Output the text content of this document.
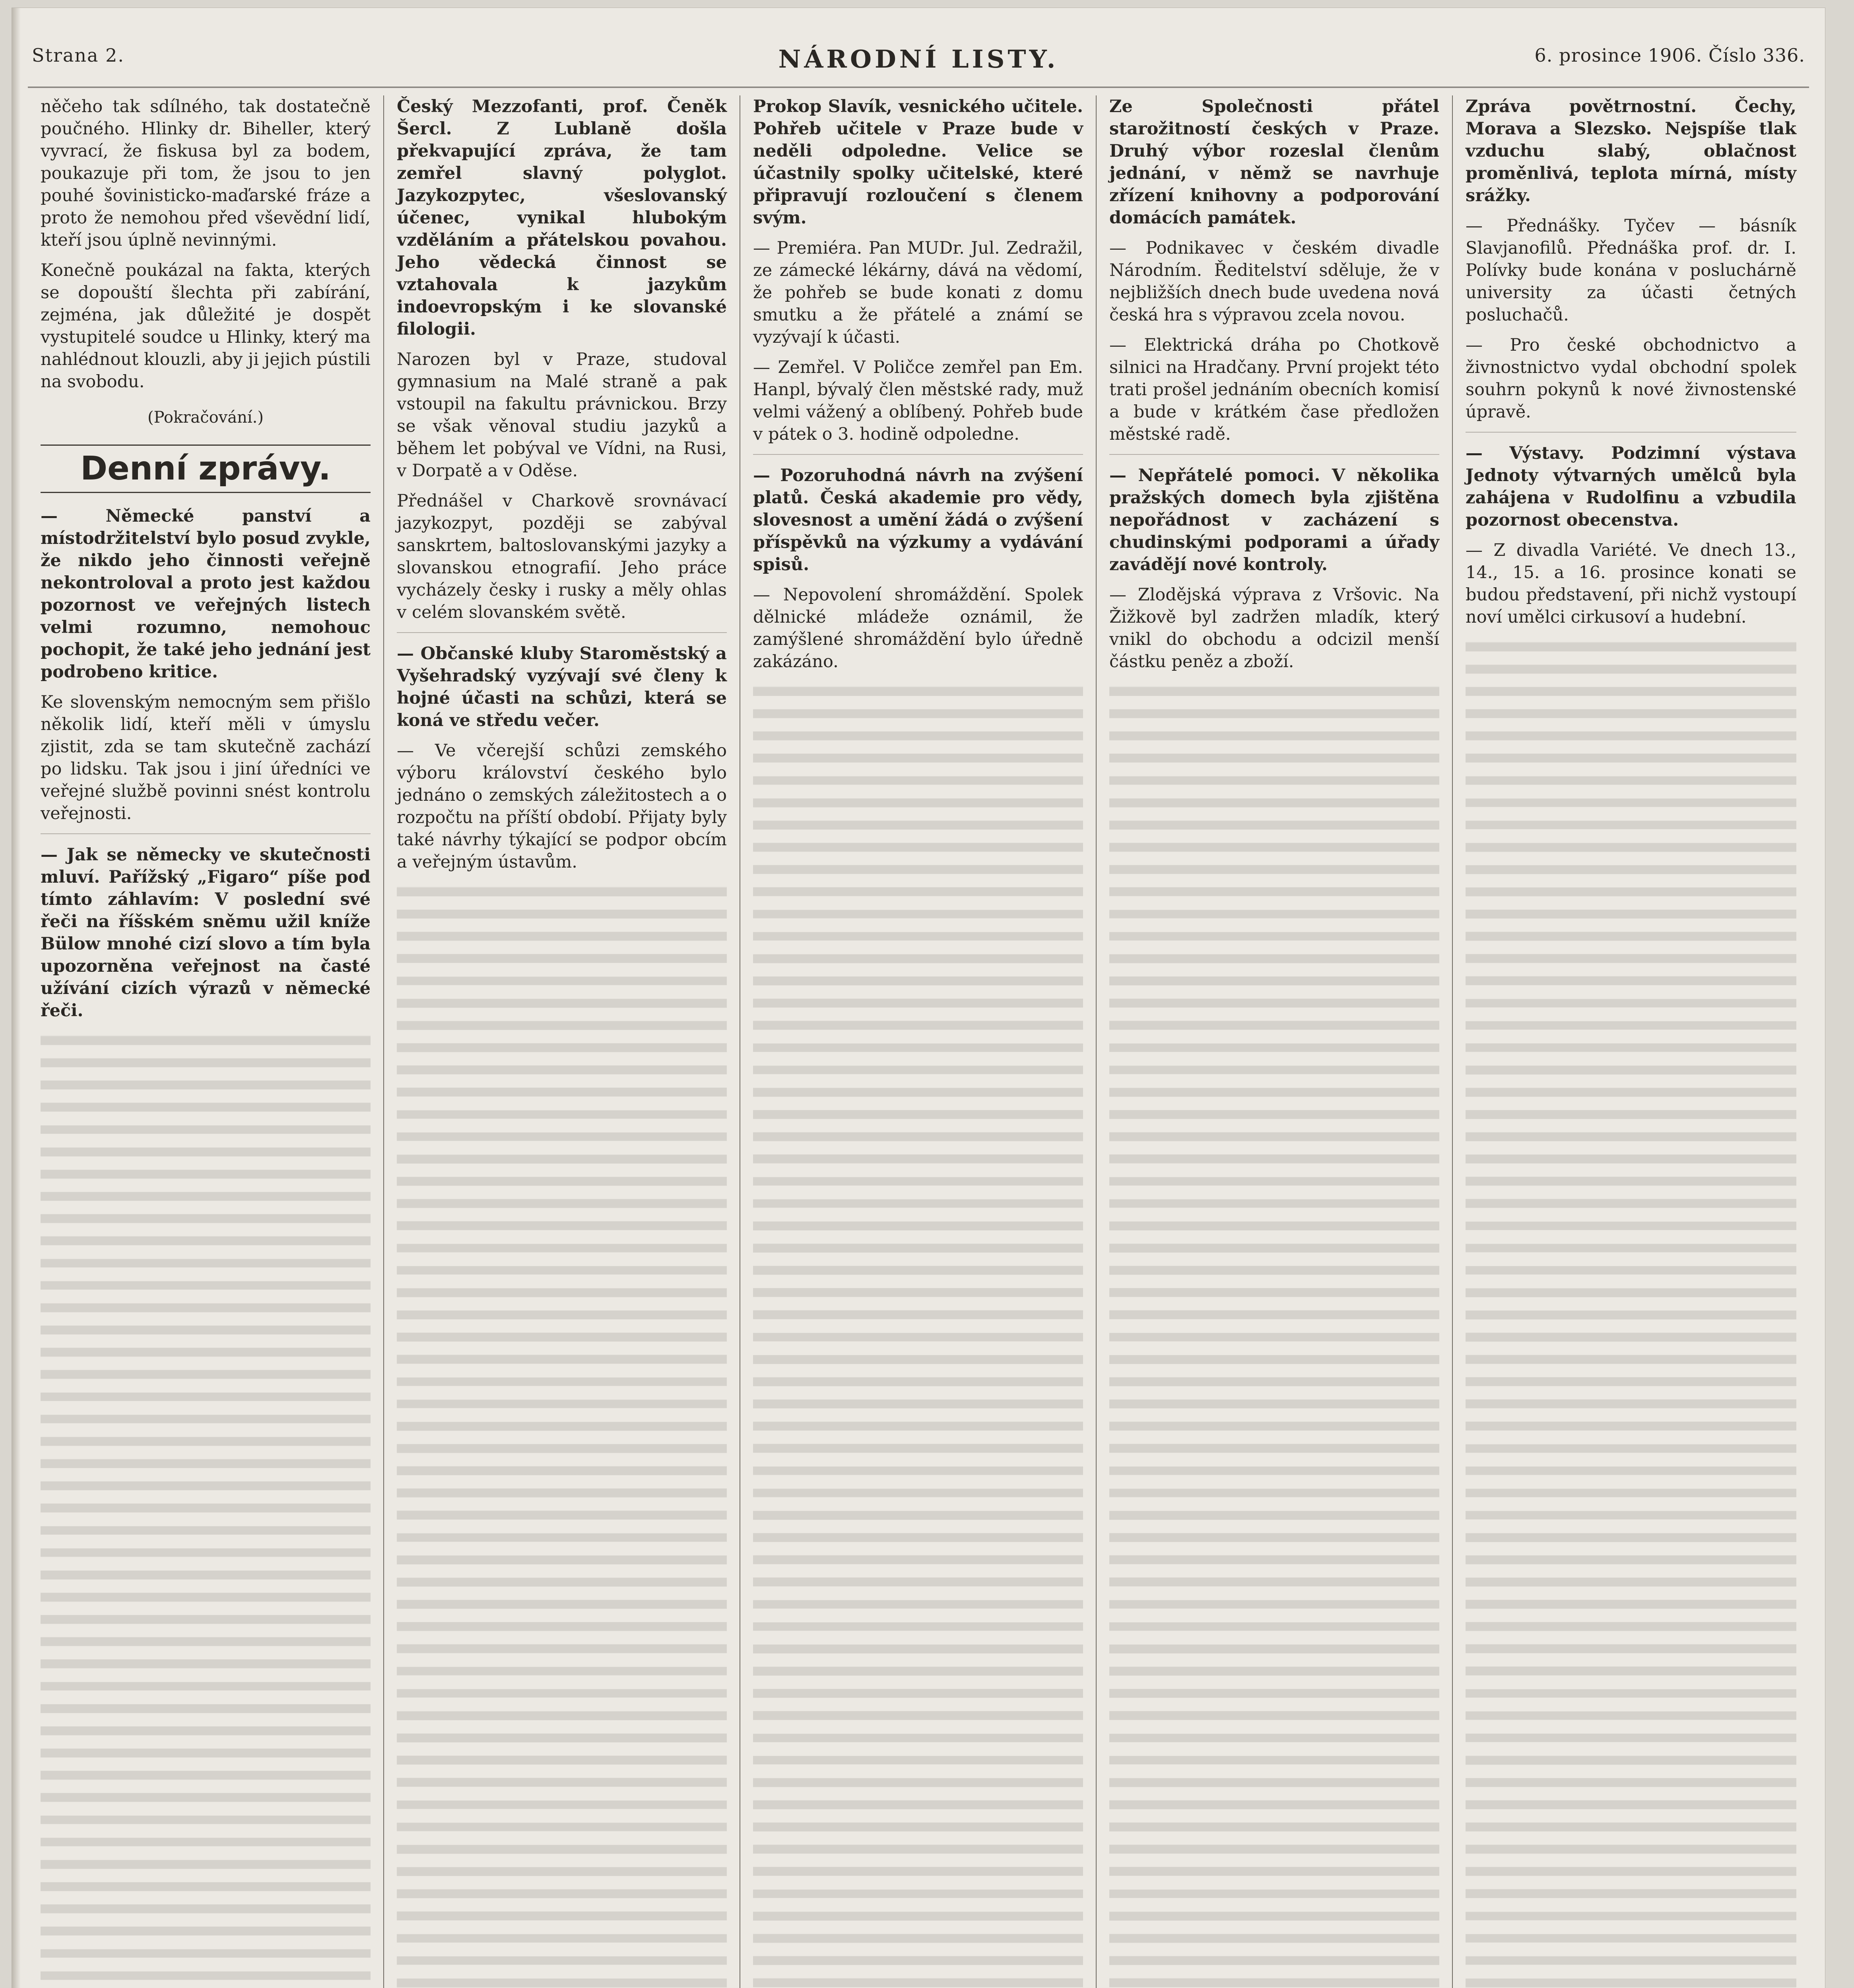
Strana 2.	NÁRODNÍ LISTY.	6. prosince 1906. Číslo 336.

něčeho tak sdílného, tak dostatečně poučného. Hlinky dr. Biheller, který vyvrací, že fiskusa byl za bodem, poukazuje při tom, že jsou to jen pouhé šovinisticko-maďarské fráze a proto že nemohou před vševědní lidí, kteří jsou úplně nevinnými.

Konečně poukázal na fakta, kterých se dopouští šlechta při zabírání, zejména, jak důležité je dospět vystupitelé soudce u Hlinky, který ma nahlédnout klouzli, aby ji jejich pústili na svobodu.

(Pokračování.)
Denní zprávy.

— Německé panství a místodržitelství bylo posud zvykle, že nikdo jeho činnosti veřejně nekontroloval a proto jest každou pozornost ve veřejných listech velmi rozumno, nemohouc pochopit, že také jeho jednání jest podrobeno kritice.

Ke slovenským nemocným sem přišlo několik lidí, kteří měli v úmyslu zjistit, zda se tam skutečně zachází po lidsku. Tak jsou i jiní úředníci ve veřejné službě povinni snést kontrolu veřejnosti.

— Jak se německy ve skutečnosti mluví. Pařížský „Figaro“ píše pod tímto záhlavím: V poslední své řeči na říšském sněmu užil kníže Bülow mnohé cizí slovo a tím byla upozorněna veřejnost na časté užívání cizích výrazů v německé řeči.

Český Mezzofanti, prof. Čeněk Šercl. Z Lublaně došla překvapující zpráva, že tam zemřel slavný polyglot. Jazykozpytec, všeslovanský účenec, vynikal hlubokým vzděláním a přátelskou povahou. Jeho vědecká činnost se vztahovala k jazykům indoevropským i ke slovanské filologii.

Narozen byl v Praze, studoval gymnasium na Malé straně a pak vstoupil na fakultu právnickou. Brzy se však věnoval studiu jazyků a během let pobýval ve Vídni, na Rusi, v Dorpatě a v Oděse.

Přednášel v Charkově srovnávací jazykozpyt, později se zabýval sanskrtem, baltoslovanskými jazyky a slovanskou etnografií. Jeho práce vycházely česky i rusky a měly ohlas v celém slovanském světě.

— Občanské kluby Staroměstský a Vyšehradský vyzývají své členy k hojné účasti na schůzi, která se koná ve středu večer.

— Ve včerejší schůzi zemského výboru království českého bylo jednáno o zemských záležitostech a o rozpočtu na příští období. Přijaty byly také návrhy týkající se podpor obcím a veřejným ústavům.

Prokop Slavík, vesnického učitele. Pohřeb učitele v Praze bude v neděli odpoledne. Velice se účastnily spolky učitelské, které připravují rozloučení s členem svým.

— Premiéra. Pan MUDr. Jul. Zedražil, ze zámecké lékárny, dává na vědomí, že pohřeb se bude konati z domu smutku a že přátelé a známí se vyzývají k účasti.

— Zemřel. V Poličce zemřel pan Em. Hanpl, bývalý člen městské rady, muž velmi vážený a oblíbený. Pohřeb bude v pátek o 3. hodině odpoledne.

— Pozoruhodná návrh na zvýšení platů. Česká akademie pro vědy, slovesnost a umění žádá o zvýšení příspěvků na výzkumy a vydávání spisů.

— Nepovolení shromáždění. Spolek dělnické mládeže oznámil, že zamýšlené shromáždění bylo úředně zakázáno.

Ze Společnosti přátel starožitností českých v Praze. Druhý výbor rozeslal členům jednání, v němž se navrhuje zřízení knihovny a podporování domácích památek.

— Podnikavec v českém divadle Národním. Ředitelství sděluje, že v nejbližších dnech bude uvedena nová česká hra s výpravou zcela novou.

— Elektrická dráha po Chotkově silnici na Hradčany. První projekt této trati prošel jednáním obecních komisí a bude v krátkém čase předložen městské radě.

— Nepřátelé pomoci. V několika pražských domech byla zjištěna nepořádnost v zacházení s chudinskými podporami a úřady zavádějí nové kontroly.

— Zlodějská výprava z Vršovic. Na Žižkově byl zadržen mladík, který vnikl do obchodu a odcizil menší částku peněz a zboží.

Zpráva povětrnostní. Čechy, Morava a Slezsko. Nejspíše tlak vzduchu slabý, oblačnost proměnlivá, teplota mírná, místy srážky.

— Přednášky. Tyčev — básník Slavjanofilů. Přednáška prof. dr. I. Polívky bude konána v posluchárně university za účasti četných posluchačů.

— Pro české obchodnictvo a živnostnictvo vydal obchodní spolek souhrn pokynů k nové živnostenské úpravě.

— Výstavy. Podzimní výstava Jednoty výtvarných umělců byla zahájena v Rudolfinu a vzbudila pozornost obecenstva.

— Z divadla Variété. Ve dnech 13., 14., 15. a 16. prosince konati se budou představení, při nichž vystoupí noví umělci cirkusoví a hudební.
